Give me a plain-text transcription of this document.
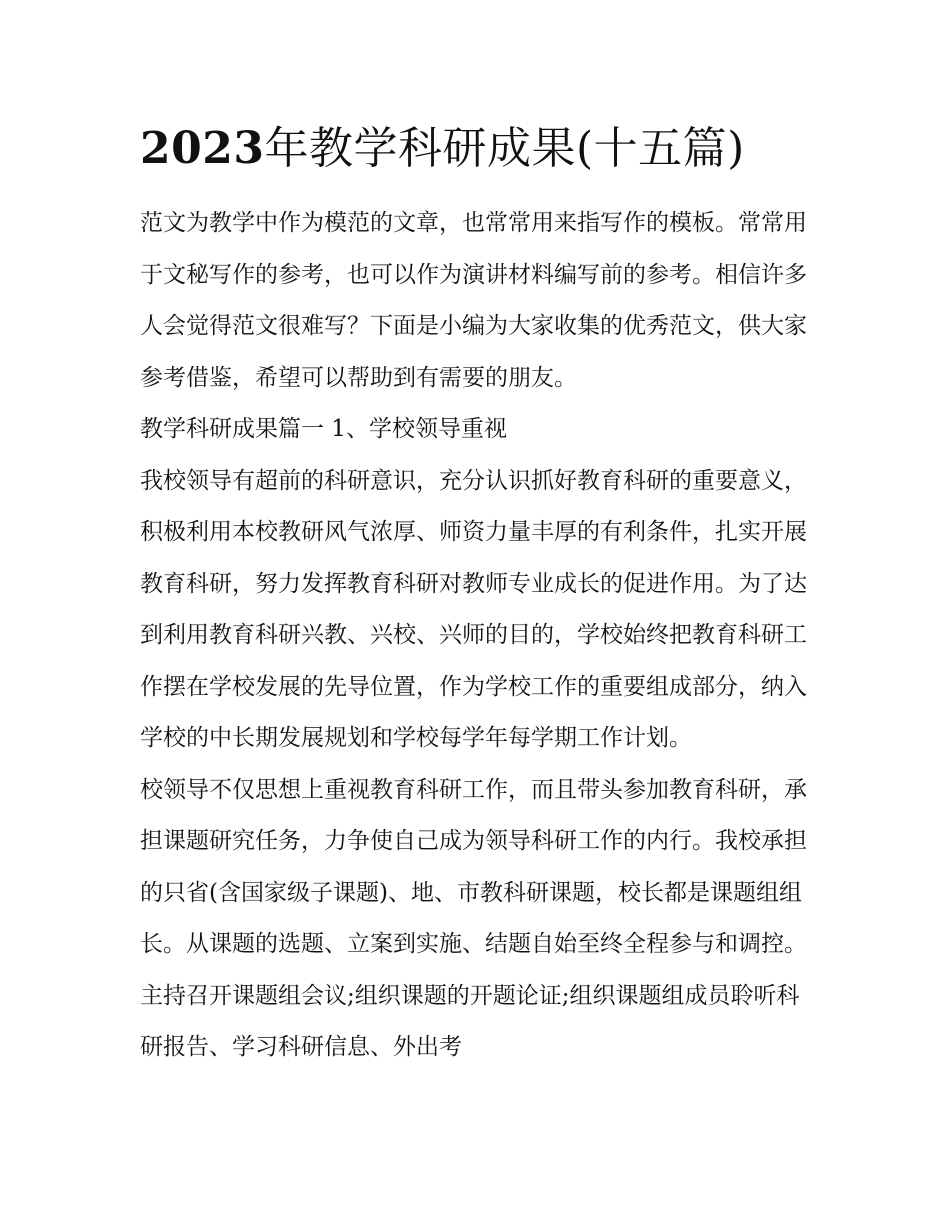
2023年教学科研成果(十五篇)

范文为教学中作为模范的文章，也常常用来指写作的模板。常常用于文秘写作的参考，也可以作为演讲材料编写前的参考。相信许多人会觉得范文很难写？下面是小编为大家收集的优秀范文，供大家参考借鉴，希望可以帮助到有需要的朋友。

教学科研成果篇一 1、学校领导重视

我校领导有超前的科研意识，充分认识抓好教育科研的重要意义，积极利用本校教研风气浓厚、师资力量丰厚的有利条件，扎实开展教育科研，努力发挥教育科研对教师专业成长的促进作用。为了达到利用教育科研兴教、兴校、兴师的目的，学校始终把教育科研工作摆在学校发展的先导位置，作为学校工作的重要组成部分，纳入学校的中长期发展规划和学校每学年每学期工作计划。

校领导不仅思想上重视教育科研工作，而且带头参加教育科研，承担课题研究任务，力争使自己成为领导科研工作的内行。我校承担的只省(含国家级子课题)、地、市教科研课题，校长都是课题组组长。从课题的选题、立案到实施、结题自始至终全程参与和调控。主持召开课题组会议;组织课题的开题论证;组织课题组成员聆听科研报告、学习科研信息、外出考
